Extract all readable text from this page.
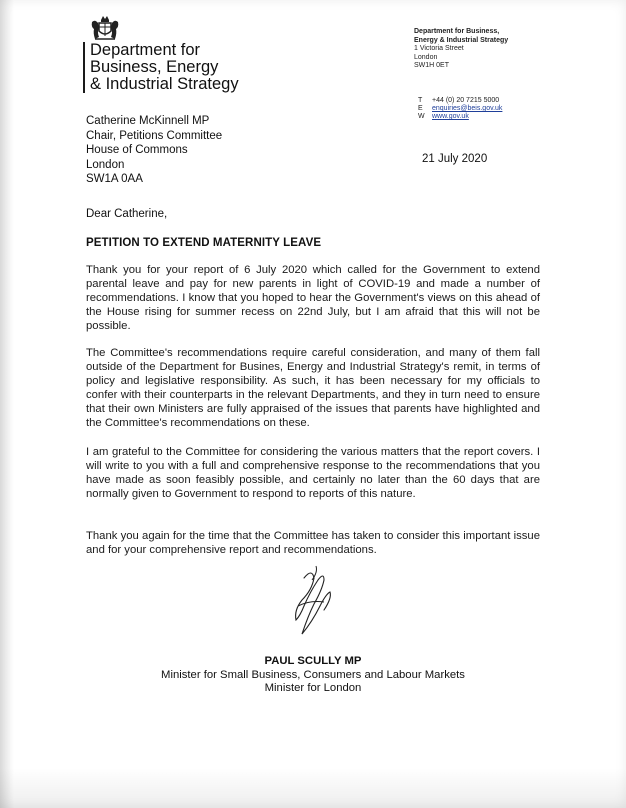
Department for
Business, Energy
& Industrial Strategy
Department for Business,
Energy & Industrial Strategy
1 Victoria Street
London
SW1H 0ET
T	+44 (0) 20 7215 5000
E	enquiries@beis.gov.uk
W	www.gov.uk
Catherine McKinnell MP
Chair, Petitions Committee
House of Commons
London
SW1A 0AA
21 July 2020
Dear Catherine,
PETITION TO EXTEND MATERNITY LEAVE
Thank you for your report of 6 July 2020 which called for the Government to extend parental leave and pay for new parents in light of COVID-19 and made a number of recommendations. I know that you hoped to hear the Government's views on this ahead of the House rising for summer recess on 22nd July, but I am afraid that this will not be possible.
The Committee's recommendations require careful consideration, and many of them fall outside of the Department for Busines, Energy and Industrial Strategy's remit, in terms of policy and legislative responsibility. As such, it has been necessary for my officials to confer with their counterparts in the relevant Departments, and they in turn need to ensure that their own Ministers are fully appraised of the issues that parents have highlighted and the Committee's recommendations on these.
I am grateful to the Committee for considering the various matters that the report covers. I will write to you with a full and comprehensive response to the recommendations that you have made as soon feasibly possible, and certainly no later than the 60 days that are normally given to Government to respond to reports of this nature.
Thank you again for the time that the Committee has taken to consider this important issue and for your comprehensive report and recommendations.
PAUL SCULLY MP
Minister for Small Business, Consumers and Labour Markets
Minister for London
